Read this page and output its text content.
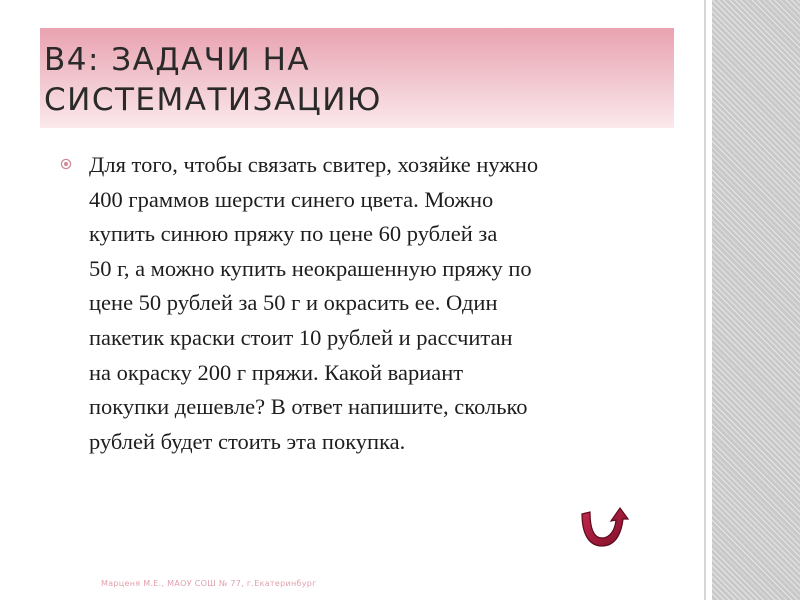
B4: ЗАДАЧИ НА
СИСТЕМАТИЗАЦИЮ

Для того, чтобы связать свитер, хозяйке нужно
400 граммов шерсти синего цвета. Можно
купить синюю пряжу по цене 60 рублей за
50 г, а можно купить неокрашенную пряжу по
цене 50 рублей за 50 г и окрасить ее. Один
пакетик краски стоит 10 рублей и рассчитан
на окраску 200 г пряжи. Какой вариант
покупки дешевле? В ответ напишите, сколько
рублей будет стоить эта покупка.

Марценя М.Е., МАОУ СОШ № 77, г.Екатеринбург
